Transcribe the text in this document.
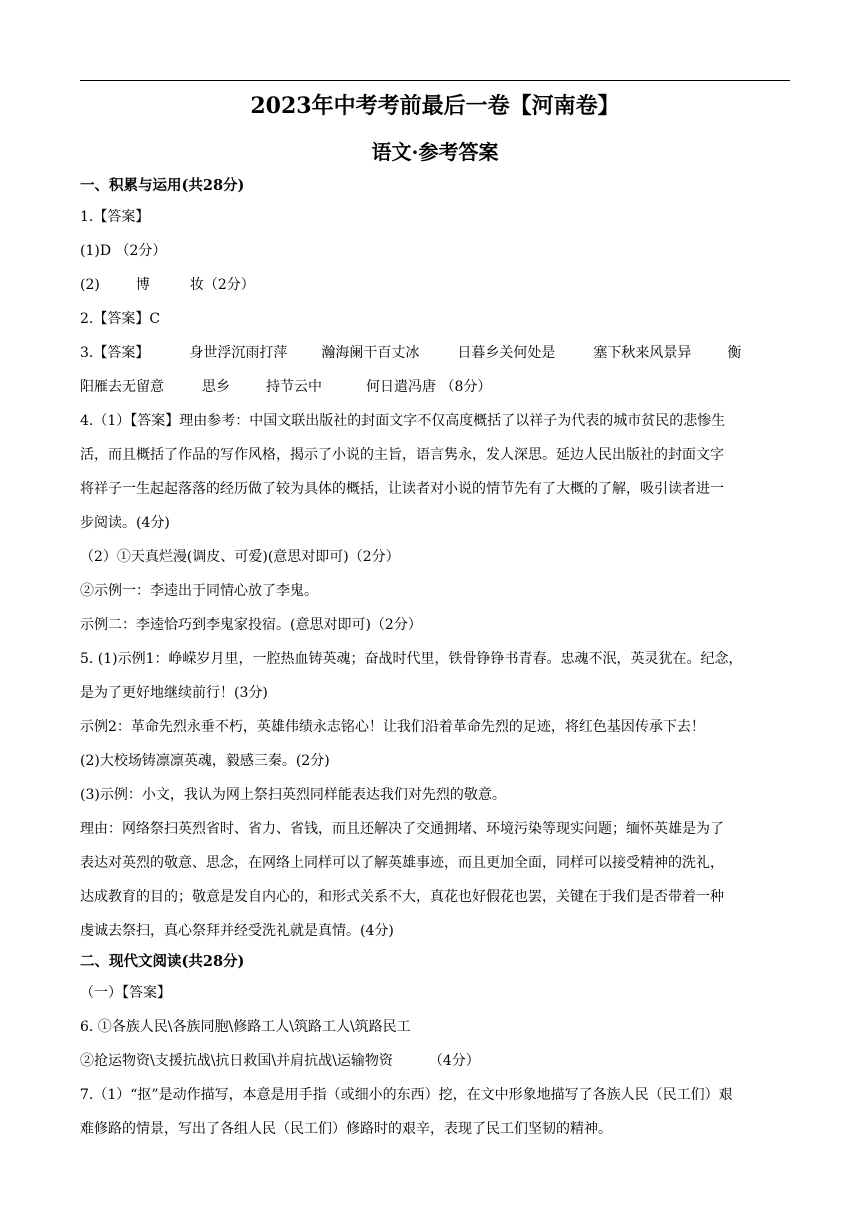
2023年中考考前最后一卷【河南卷】
语文·参考答案
一、积累与运用(共28分)
1.【答案】
(1)D （2分）
(2)	博	妆（2分）
2.【答案】C
3.【答案】	身世浮沉雨打萍 瀚海阑干百丈冰	日暮乡关何处是	塞下秋来风景异	衡
阳雁去无留意	思乡	持节云中	何日遣冯唐 （8分）
4.（1）【答案】理由参考：中国文联出版社的封面文字不仅高度概括了以祥子为代表的城市贫民的悲惨生
活，而且概括了作品的写作风格，揭示了小说的主旨，语言隽永，发人深思。延边人民出版社的封面文字
将祥子一生起起落落的经历做了较为具体的概括，让读者对小说的情节先有了大概的了解，吸引读者进一
步阅读。(4分)
（2）①天真烂漫(调皮、可爱)(意思对即可)（2分）
②示例一：李逵出于同情心放了李鬼。
示例二：李逵恰巧到李鬼家投宿。(意思对即可)（2分）
5. (1)示例1：峥嵘岁月里，一腔热血铸英魂；奋战时代里，铁骨铮铮书青春。忠魂不泯，英灵犹在。纪念，
是为了更好地继续前行！(3分)
示例2：革命先烈永垂不朽，英雄伟绩永志铭心！让我们沿着革命先烈的足迹，将红色基因传承下去！
(2)大校场铸凛凛英魂，毅感三秦。(2分)
(3)示例：小文，我认为网上祭扫英烈同样能表达我们对先烈的敬意。
理由：网络祭扫英烈省时、省力、省钱，而且还解决了交通拥堵、环境污染等现实问题；缅怀英雄是为了
表达对英烈的敬意、思念，在网络上同样可以了解英雄事迹，而且更加全面，同样可以接受精神的洗礼，
达成教育的目的；敬意是发自内心的，和形式关系不大，真花也好假花也罢，关键在于我们是否带着一种
虔诚去祭扫，真心祭拜并经受洗礼就是真情。(4分)
二、现代文阅读(共28分)
（一）【答案】
6. ①各族人民\各族同胞\修路工人\筑路工人\筑路民工
②抢运物资\支援抗战\抗日救国\并肩抗战\运输物资	（4分）
7.（1）“抠”是动作描写，本意是用手指（或细小的东西）挖，在文中形象地描写了各族人民（民工们）艰
难修路的情景，写出了各组人民（民工们）修路时的艰辛，表现了民工们坚韧的精神。
